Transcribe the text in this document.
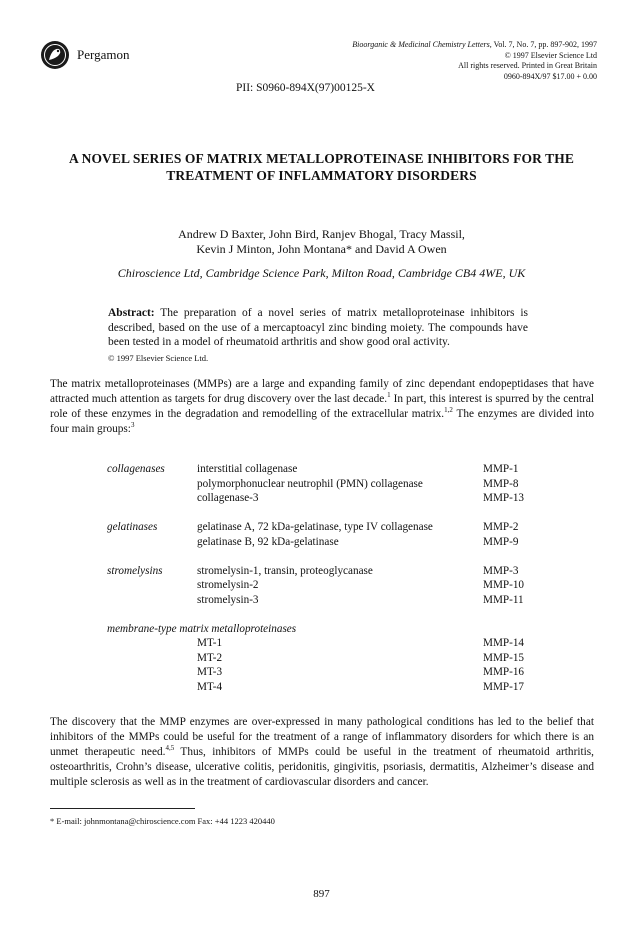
Pergamon
Bioorganic & Medicinal Chemistry Letters, Vol. 7, No. 7, pp. 897-902, 1997
© 1997 Elsevier Science Ltd
All rights reserved. Printed in Great Britain
0960-894X/97 $17.00 + 0.00
PII: S0960-894X(97)00125-X
A NOVEL SERIES OF MATRIX METALLOPROTEINASE INHIBITORS FOR THE
TREATMENT OF INFLAMMATORY DISORDERS
Andrew D Baxter, John Bird, Ranjev Bhogal, Tracy Massil,
Kevin J Minton, John Montana* and David A Owen
Chiroscience Ltd, Cambridge Science Park, Milton Road, Cambridge CB4 4WE, UK
Abstract: The preparation of a novel series of matrix metalloproteinase inhibitors is described, based on the use of a mercaptoacyl zinc binding moiety. The compounds have been tested in a model of rheumatoid arthritis and show good oral activity.
© 1997 Elsevier Science Ltd.
The matrix metalloproteinases (MMPs) are a large and expanding family of zinc dependant endopeptidases that have attracted much attention as targets for drug discovery over the last decade.$^1$ In part, this interest is spurred by the central role of these enzymes in the degradation and remodelling of the extracellular matrix.$^{1,2}$ The enzymes are divided into four main groups:$^3$
collagenases	interstitial collagenase	MMP-1
polymorphonuclear neutrophil (PMN) collagenase	MMP-8
collagenase-3	MMP-13
gelatinases	gelatinase A, 72 kDa-gelatinase, type IV collagenase	MMP-2
gelatinase B, 92 kDa-gelatinase	MMP-9
stromelysins	stromelysin-1, transin, proteoglycanase	MMP-3
stromelysin-2	MMP-10
stromelysin-3	MMP-11
membrane-type matrix metalloproteinases
MT-1	MMP-14
MT-2	MMP-15
MT-3	MMP-16
MT-4	MMP-17
The discovery that the MMP enzymes are over-expressed in many pathological conditions has led to the belief that inhibitors of the MMPs could be useful for the treatment of a range of inflammatory disorders for which there is an unmet therapeutic need.$^{4,5}$ Thus, inhibitors of MMPs could be useful in the treatment of rheumatoid arthritis, osteoarthritis, Crohn’s disease, ulcerative colitis, peridonitis, gingivitis, psoriasis, dermatitis, Alzheimer’s disease and multiple sclerosis as well as in the treatment of cardiovascular disorders and cancer.
* E-mail: johnmontana@chiroscience.com Fax: +44 1223 420440
897
